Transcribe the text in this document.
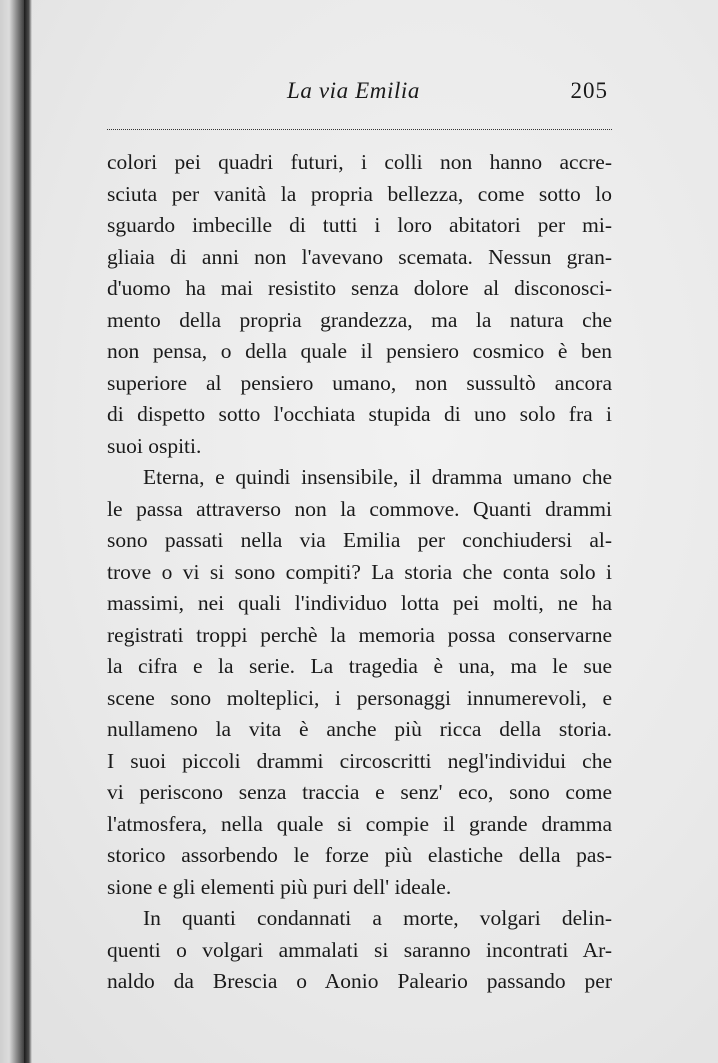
La via Emilia	205
colori pei quadri futuri, i colli non hanno accre-
sciuta per vanità la propria bellezza, come sotto lo
sguardo imbecille di tutti i loro abitatori per mi-
gliaia di anni non l'avevano scemata. Nessun gran-
d'uomo ha mai resistito senza dolore al disconosci-
mento della propria grandezza, ma la natura che
non pensa, o della quale il pensiero cosmico è ben
superiore al pensiero umano, non sussultò ancora
di dispetto sotto l'occhiata stupida di uno solo fra i
suoi ospiti.
Eterna, e quindi insensibile, il dramma umano che
le passa attraverso non la commove. Quanti drammi
sono passati nella via Emilia per conchiudersi al-
trove o vi si sono compiti? La storia che conta solo i
massimi, nei quali l'individuo lotta pei molti, ne ha
registrati troppi perchè la memoria possa conservarne
la cifra e la serie. La tragedia è una, ma le sue
scene sono molteplici, i personaggi innumerevoli, e
nullameno la vita è anche più ricca della storia.
I suoi piccoli drammi circoscritti negl'individui che
vi periscono senza traccia e senz' eco, sono come
l'atmosfera, nella quale si compie il grande dramma
storico assorbendo le forze più elastiche della pas-
sione e gli elementi più puri dell' ideale.
In quanti condannati a morte, volgari delin-
quenti o volgari ammalati si saranno incontrati Ar-
naldo da Brescia o Aonio Paleario passando per
